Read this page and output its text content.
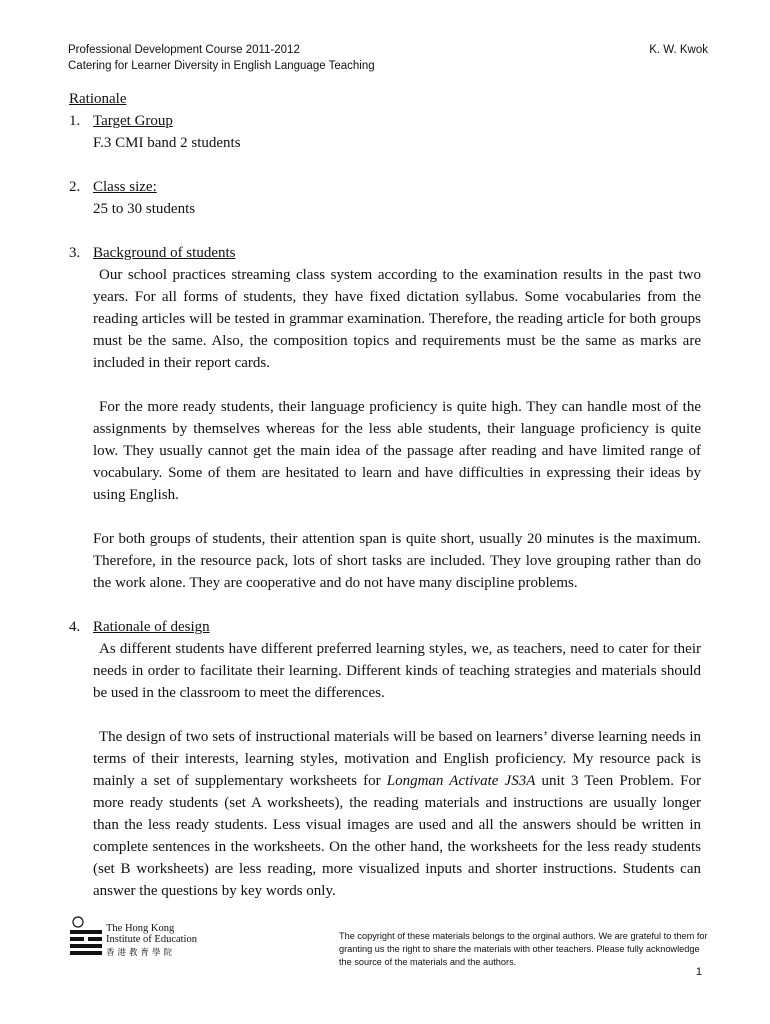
Professional Development Course 2011-2012
Catering for Learner Diversity in English Language Teaching
K. W. Kwok
Rationale
1. Target Group
F.3 CMI band 2 students
2. Class size:
25 to 30 students
3. Background of students

Our school practices streaming class system according to the examination results in the past two years. For all forms of students, they have fixed dictation syllabus. Some vocabularies from the reading articles will be tested in grammar examination. Therefore, the reading article for both groups must be the same. Also, the composition topics and requirements must be the same as marks are included in their report cards.

For the more ready students, their language proficiency is quite high. They can handle most of the assignments by themselves whereas for the less able students, their language proficiency is quite low. They usually cannot get the main idea of the passage after reading and have limited range of vocabulary. Some of them are hesitated to learn and have difficulties in expressing their ideas by using English.

For both groups of students, their attention span is quite short, usually 20 minutes is the maximum. Therefore, in the resource pack, lots of short tasks are included. They love grouping rather than do the work alone. They are cooperative and do not have many discipline problems.

4. Rationale of design

As different students have different preferred learning styles, we, as teachers, need to cater for their needs in order to facilitate their learning. Different kinds of teaching strategies and materials should be used in the classroom to meet the differences.

The design of two sets of instructional materials will be based on learners’ diverse learning needs in terms of their interests, learning styles, motivation and English proficiency. My resource pack is mainly a set of supplementary worksheets for Longman Activate JS3A unit 3 Teen Problem. For more ready students (set A worksheets), the reading materials and instructions are usually longer than the less ready students. Less visual images are used and all the answers should be written in complete sentences in the worksheets. On the other hand, the worksheets for the less ready students (set B worksheets) are less reading, more visualized inputs and shorter instructions. Students can answer the questions by key words only.

The Hong Kong
Institute of Education
香港教育學院
The copyright of these materials belongs to the orginal authors. We are grateful to them for granting us the right to share the materials with other teachers. Please fully acknowledge the source of the materials and the authors.
1
